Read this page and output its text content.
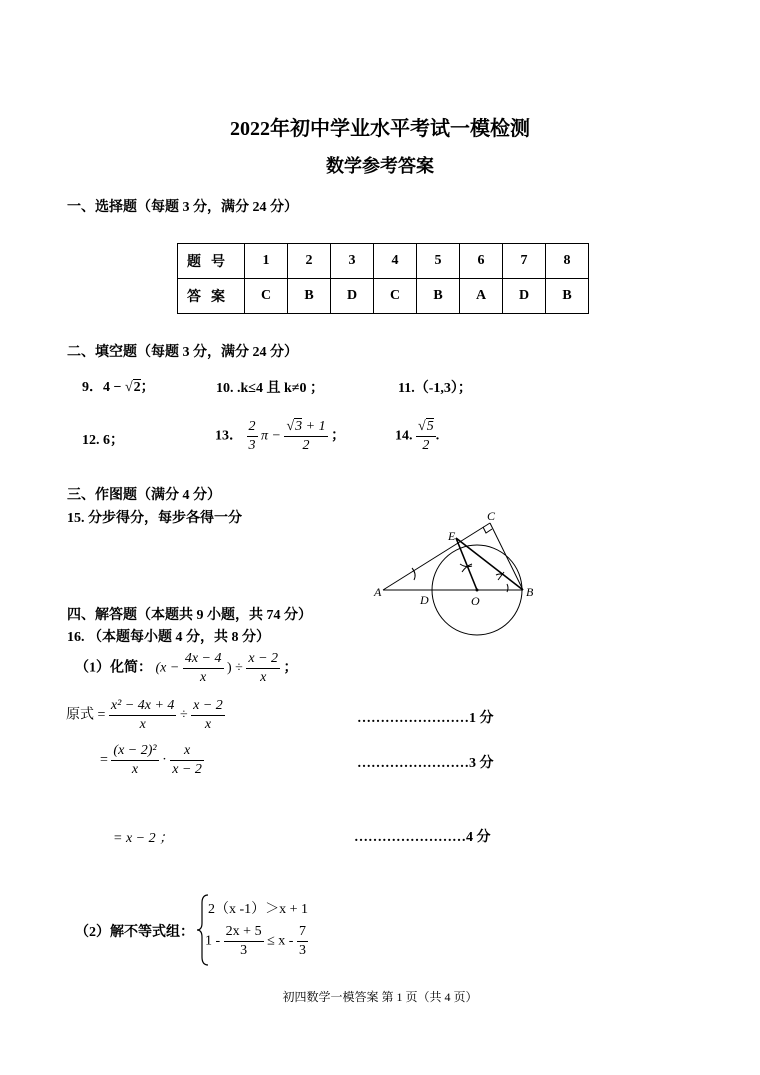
2022年初中学业水平考试一模检测
数学参考答案
一、选择题（每题 3 分，满分 24 分）
题号	1	2	3	4	5	6	7	8
答案	C	B	D	C	B	A	D	B
二、填空题（每题 3 分，满分 24 分）
9．4 − √2；	10. .k≤4 且 k≠0 ；	11.（-1,3）；
12. 6；	13． $\frac{2}{3}$ $\pi - \frac{√3 + 1}{2}$ ；	14. $\frac{√5}{2}$ .
三、作图题（满分 4 分）
15. 分步得分，每步各得一分
A	B
C
D
E
O
四、解答题（本题共 9 小题，共 74 分）
16. （本题每小题 4 分，共 8 分）
（1）化简： ($x - \frac{4x - 4}{x}$ ) ÷ $\frac{x - 2}{x}$ ；
原式 = $\frac{\text{x² − 4x + 4}}{x} \div \frac{x - 2}{x}$	……………………1 分
= $\frac{\text{(x − 2)²}}{x} \cdot \frac{x}{x - 2}$	……………………3 分
= x − 2 ；	……………………4 分
（2）解不等式组：
2（x -1）＞x + 1
$1 - \frac{2x + 5}{3} \le x - \frac{7}{3}$
初四数学一模答案 第 1 页（共 4 页）
